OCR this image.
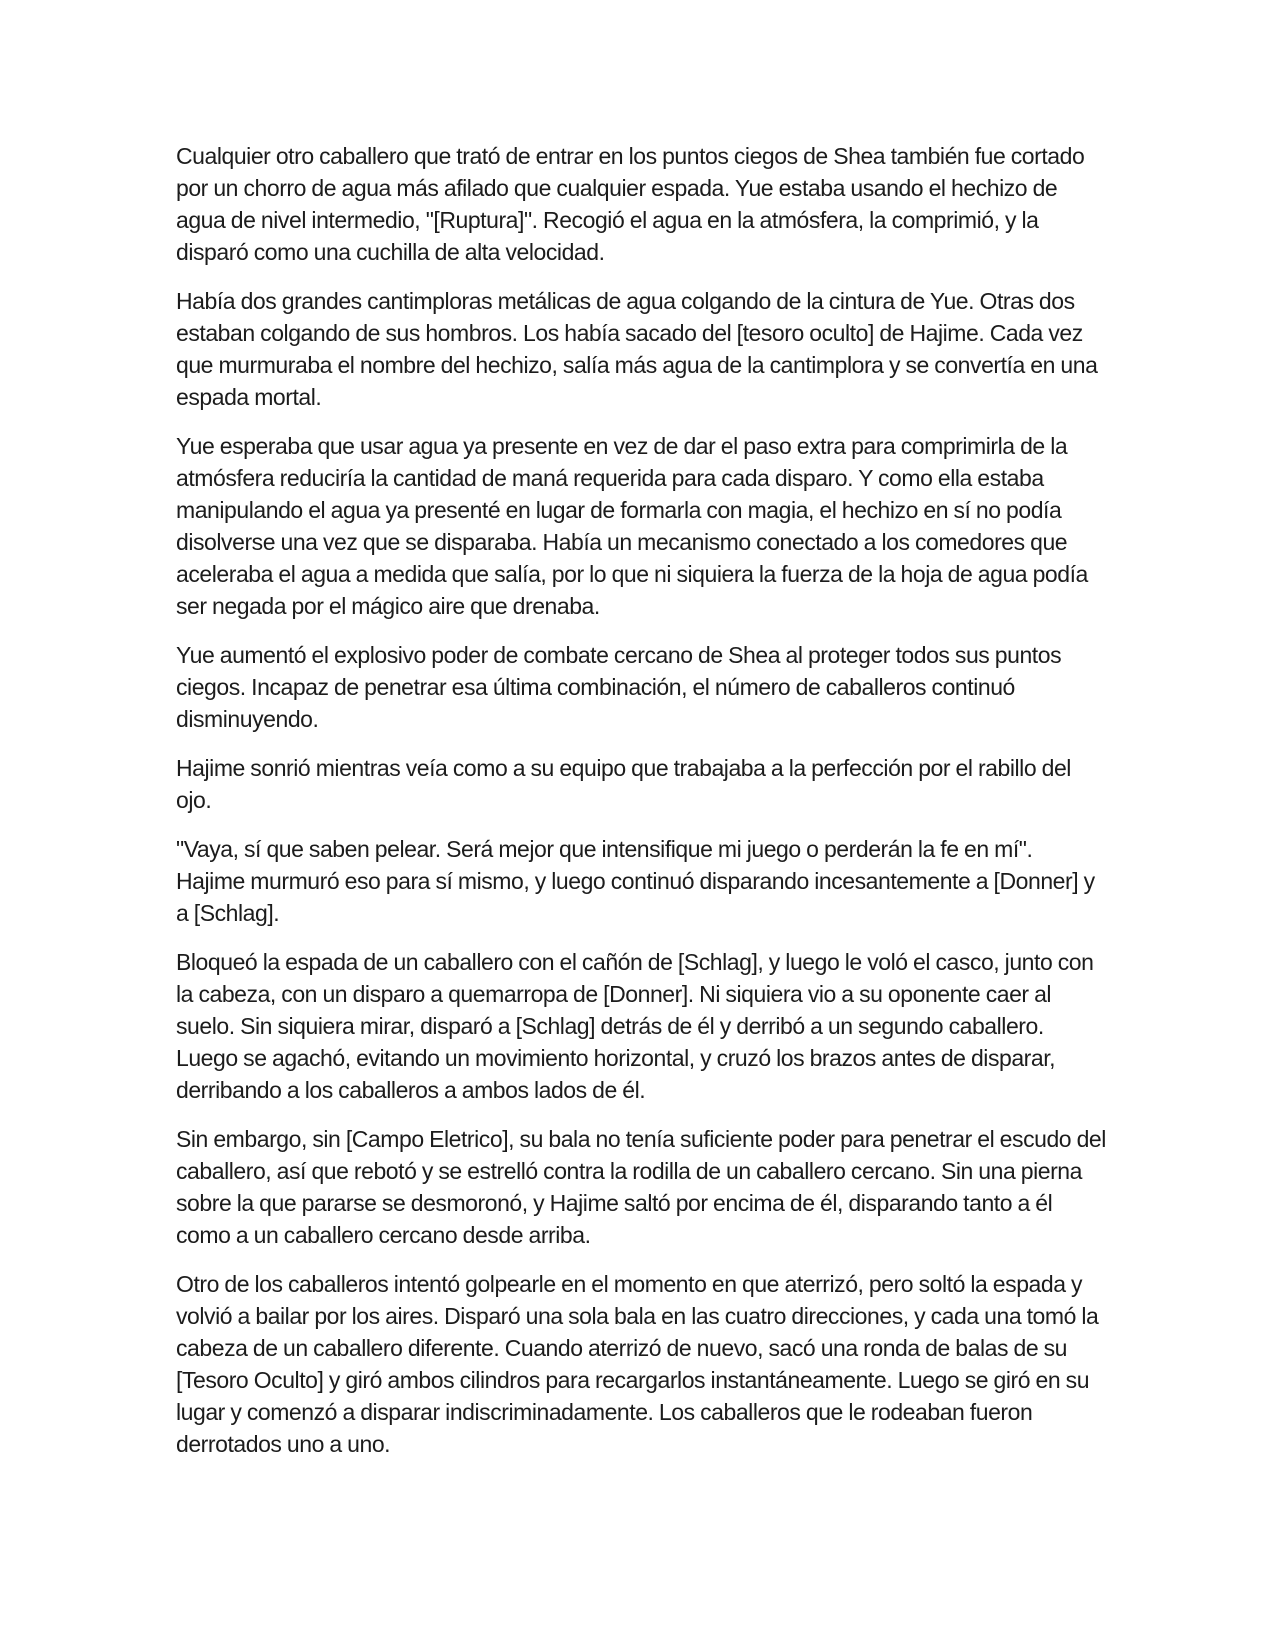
Cualquier otro caballero que trató de entrar en los puntos ciegos de Shea también fue cortado por un chorro de agua más afilado que cualquier espada. Yue estaba usando el hechizo de agua de nivel intermedio, "[Ruptura]". Recogió el agua en la atmósfera, la comprimió, y la disparó como una cuchilla de alta velocidad.

Había dos grandes cantimploras metálicas de agua colgando de la cintura de Yue. Otras dos estaban colgando de sus hombros. Los había sacado del [tesoro oculto] de Hajime. Cada vez que murmuraba el nombre del hechizo, salía más agua de la cantimplora y se convertía en una espada mortal.

Yue esperaba que usar agua ya presente en vez de dar el paso extra para comprimirla de la atmósfera reduciría la cantidad de maná requerida para cada disparo. Y como ella estaba manipulando el agua ya presenté en lugar de formarla con magia, el hechizo en sí no podía disolverse una vez que se disparaba. Había un mecanismo conectado a los comedores que aceleraba el agua a medida que salía, por lo que ni siquiera la fuerza de la hoja de agua podía ser negada por el mágico aire que drenaba.

Yue aumentó el explosivo poder de combate cercano de Shea al proteger todos sus puntos ciegos. Incapaz de penetrar esa última combinación, el número de caballeros continuó disminuyendo.

Hajime sonrió mientras veía como a su equipo que trabajaba a la perfección por el rabillo del ojo.

"Vaya, sí que saben pelear. Será mejor que intensifique mi juego o perderán la fe en mí". Hajime murmuró eso para sí mismo, y luego continuó disparando incesantemente a [Donner] y a [Schlag].

Bloqueó la espada de un caballero con el cañón de [Schlag], y luego le voló el casco, junto con la cabeza, con un disparo a quemarropa de [Donner]. Ni siquiera vio a su oponente caer al suelo. Sin siquiera mirar, disparó a [Schlag] detrás de él y derribó a un segundo caballero. Luego se agachó, evitando un movimiento horizontal, y cruzó los brazos antes de disparar, derribando a los caballeros a ambos lados de él.

Sin embargo, sin [Campo Eletrico], su bala no tenía suficiente poder para penetrar el escudo del caballero, así que rebotó y se estrelló contra la rodilla de un caballero cercano. Sin una pierna sobre la que pararse se desmoronó, y Hajime saltó por encima de él, disparando tanto a él como a un caballero cercano desde arriba.

Otro de los caballeros intentó golpearle en el momento en que aterrizó, pero soltó la espada y volvió a bailar por los aires. Disparó una sola bala en las cuatro direcciones, y cada una tomó la cabeza de un caballero diferente. Cuando aterrizó de nuevo, sacó una ronda de balas de su [Tesoro Oculto] y giró ambos cilindros para recargarlos instantáneamente. Luego se giró en su lugar y comenzó a disparar indiscriminadamente. Los caballeros que le rodeaban fueron derrotados uno a uno.
